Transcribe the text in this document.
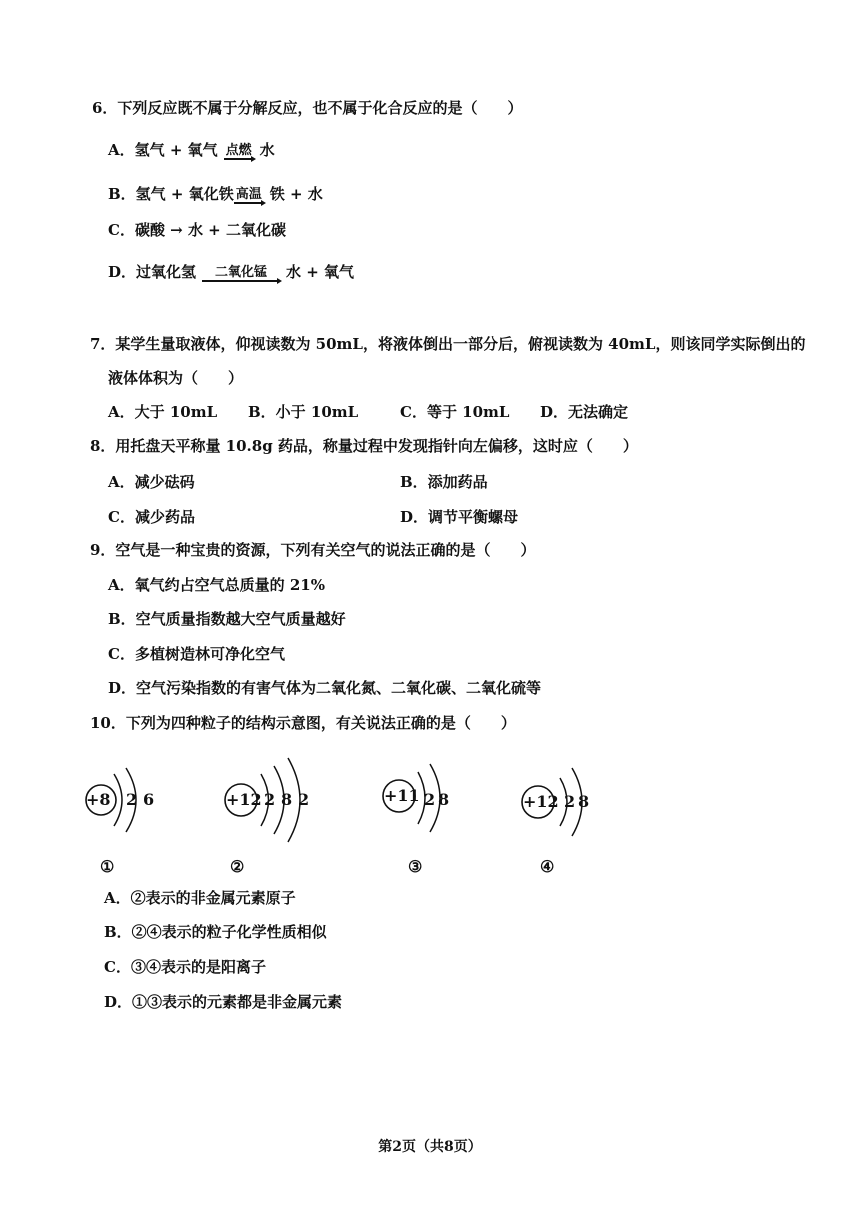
6．下列反应既不属于分解反应，也不属于化合反应的是（　　）
A．氢气 + 氧气 点燃 水
B．氢气 + 氧化铁 高温 铁 + 水
C．碳酸 → 水 + 二氧化碳
D．过氧化氢	二氧化锰	水 + 氧气
7．某学生量取液体，仰视读数为 50mL，将液体倒出一部分后，俯视读数为 40mL，则该同学实际倒出的
液体体积为（　　）
A．大于 10mL B．小于 10mL	C．等于 10mL D．无法确定
8．用托盘天平称量 10.8g 药品，称量过程中发现指针向左偏移，这时应（　　）
A．减少砝码	B．添加药品
C．减少药品	D．调节平衡螺母
9．空气是一种宝贵的资源，下列有关空气的说法正确的是（　　）
A．氧气约占空气总质量的 21%
B．空气质量指数越大空气质量越好
C．多植树造林可净化空气
D．空气污染指数的有害气体为二氧化氮、二氧化碳、二氧化硫等
10．下列为四种粒子的结构示意图，有关说法正确的是（　　）
+8 2 6
①
+12 2 8 2
②
+11 2 8
③
+12 2 8
④
A．②表示的非金属元素原子
B．②④表示的粒子化学性质相似
C．③④表示的是阳离子
D．①③表示的元素都是非金属元素
第2页（共8页）
